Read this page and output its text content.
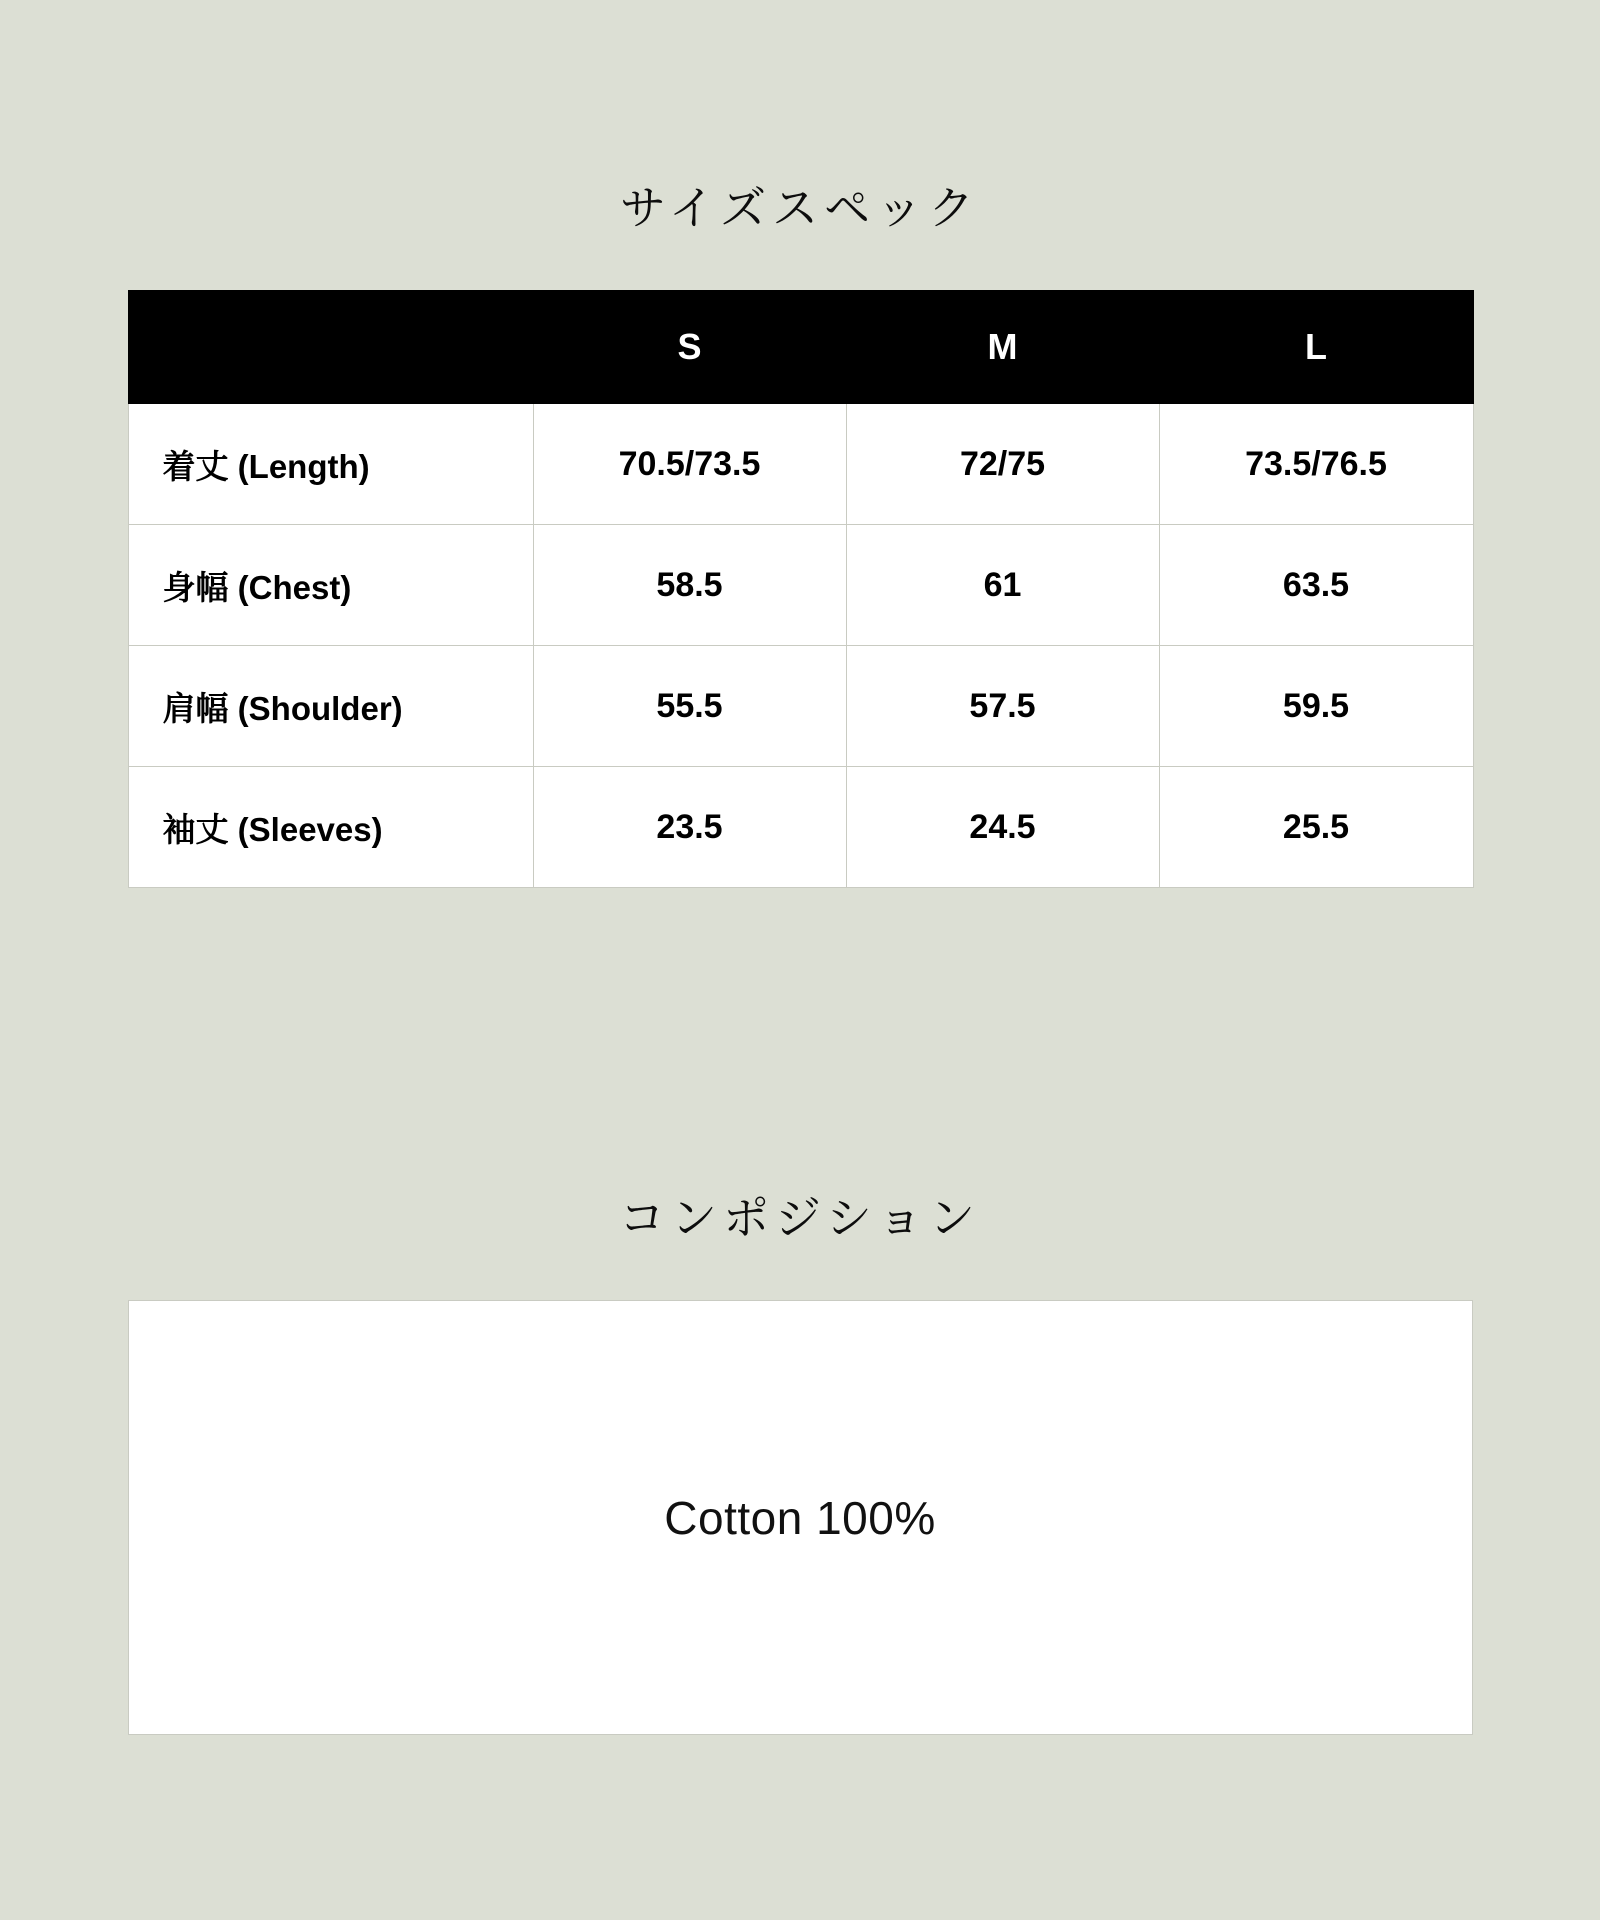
サイズスペック
	S	M	L
着丈 (Length)	70.5/73.5	72/75	73.5/76.5
身幅 (Chest)	58.5	61	63.5
肩幅 (Shoulder)	55.5	57.5	59.5
袖丈 (Sleeves)	23.5	24.5	25.5
コンポジション
Cotton 100%
